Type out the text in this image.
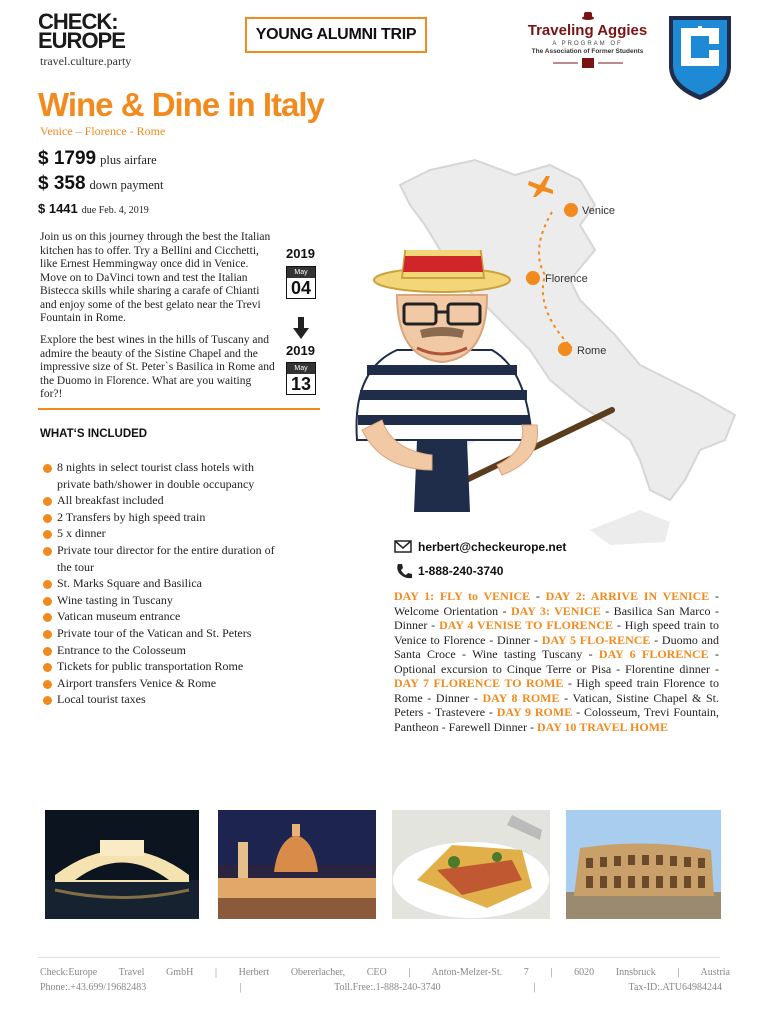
CHECK:
EUROPE
travel.culture.party
YOUNG ALUMNI TRIP	Traveling Aggies
A PROGRAM OF
The Association of Former Students
Wine & Dine in Italy
Venice – Florence - Rome
$ 1799 plus airfare
$ 358 down payment
$ 1441 due Feb. 4, 2019	Venice
Florence
Rome
Join us on this journey through the best the Italian kitchen has to offer. Try a Bellini and Cicchetti, like Ernest Hemmingway once did in Venice. Move on to DaVinci town and test the Italian Bistecca skills while sharing a carafe of Chianti and enjoy some of the best gelato near the Trevi Fountain in Rome.
Explore the best wines in the hills of Tuscany and admire the beauty of the Sistine Chapel and the impressive size of St. Peter`s Basilica in Rome and the Duomo in Florence. What are you waiting for?!
2019
May
04
2019
May
13
WHAT‘S INCLUDED
8 nights in select tourist class hotels with private bath/shower in double occupancy
All breakfast included
2 Transfers by high speed train
5 x dinner
Private tour director for the entire duration of the tour
St. Marks Square and Basilica
Wine tasting in Tuscany
Vatican museum entrance
Private tour of the Vatican and St. Peters
Entrance to the Colosseum
Tickets for public transportation Rome
Airport transfers Venice & Rome
Local tourist taxes
herbert@checkeurope.net
1-888-240-3740
DAY 1: FLY to VENICE - DAY 2: ARRIVE IN VENICE - Welcome Orientation - DAY 3: VENICE - Basilica San Marco - Dinner - DAY 4 VENISE TO FLORENCE - High speed train to Venice to Florence - Dinner - DAY 5 FLO-RENCE - Duomo and Santa Croce - Wine tasting Tuscany - DAY 6 FLORENCE - Optional excursion to Cinque Terre or Pisa - Florentine dinner - DAY 7 FLORENCE TO ROME - High speed train Florence to Rome - Dinner - DAY 8 ROME - Vatican, Sistine Chapel & St. Peters - Trastevere - DAY 9 ROME - Colosseum, Trevi Fountain, Pantheon - Farewell Dinner - DAY 10 TRAVEL HOME
Check:Europe Travel GmbH | Herbert Obererlacher, CEO | Anton-Melzer-St. 7 | 6020 Innsbruck | Austria
Phone:.+43.699/19682483 | Toll.Free:.1-888-240-3740 | Tax-ID:.ATU64984244
